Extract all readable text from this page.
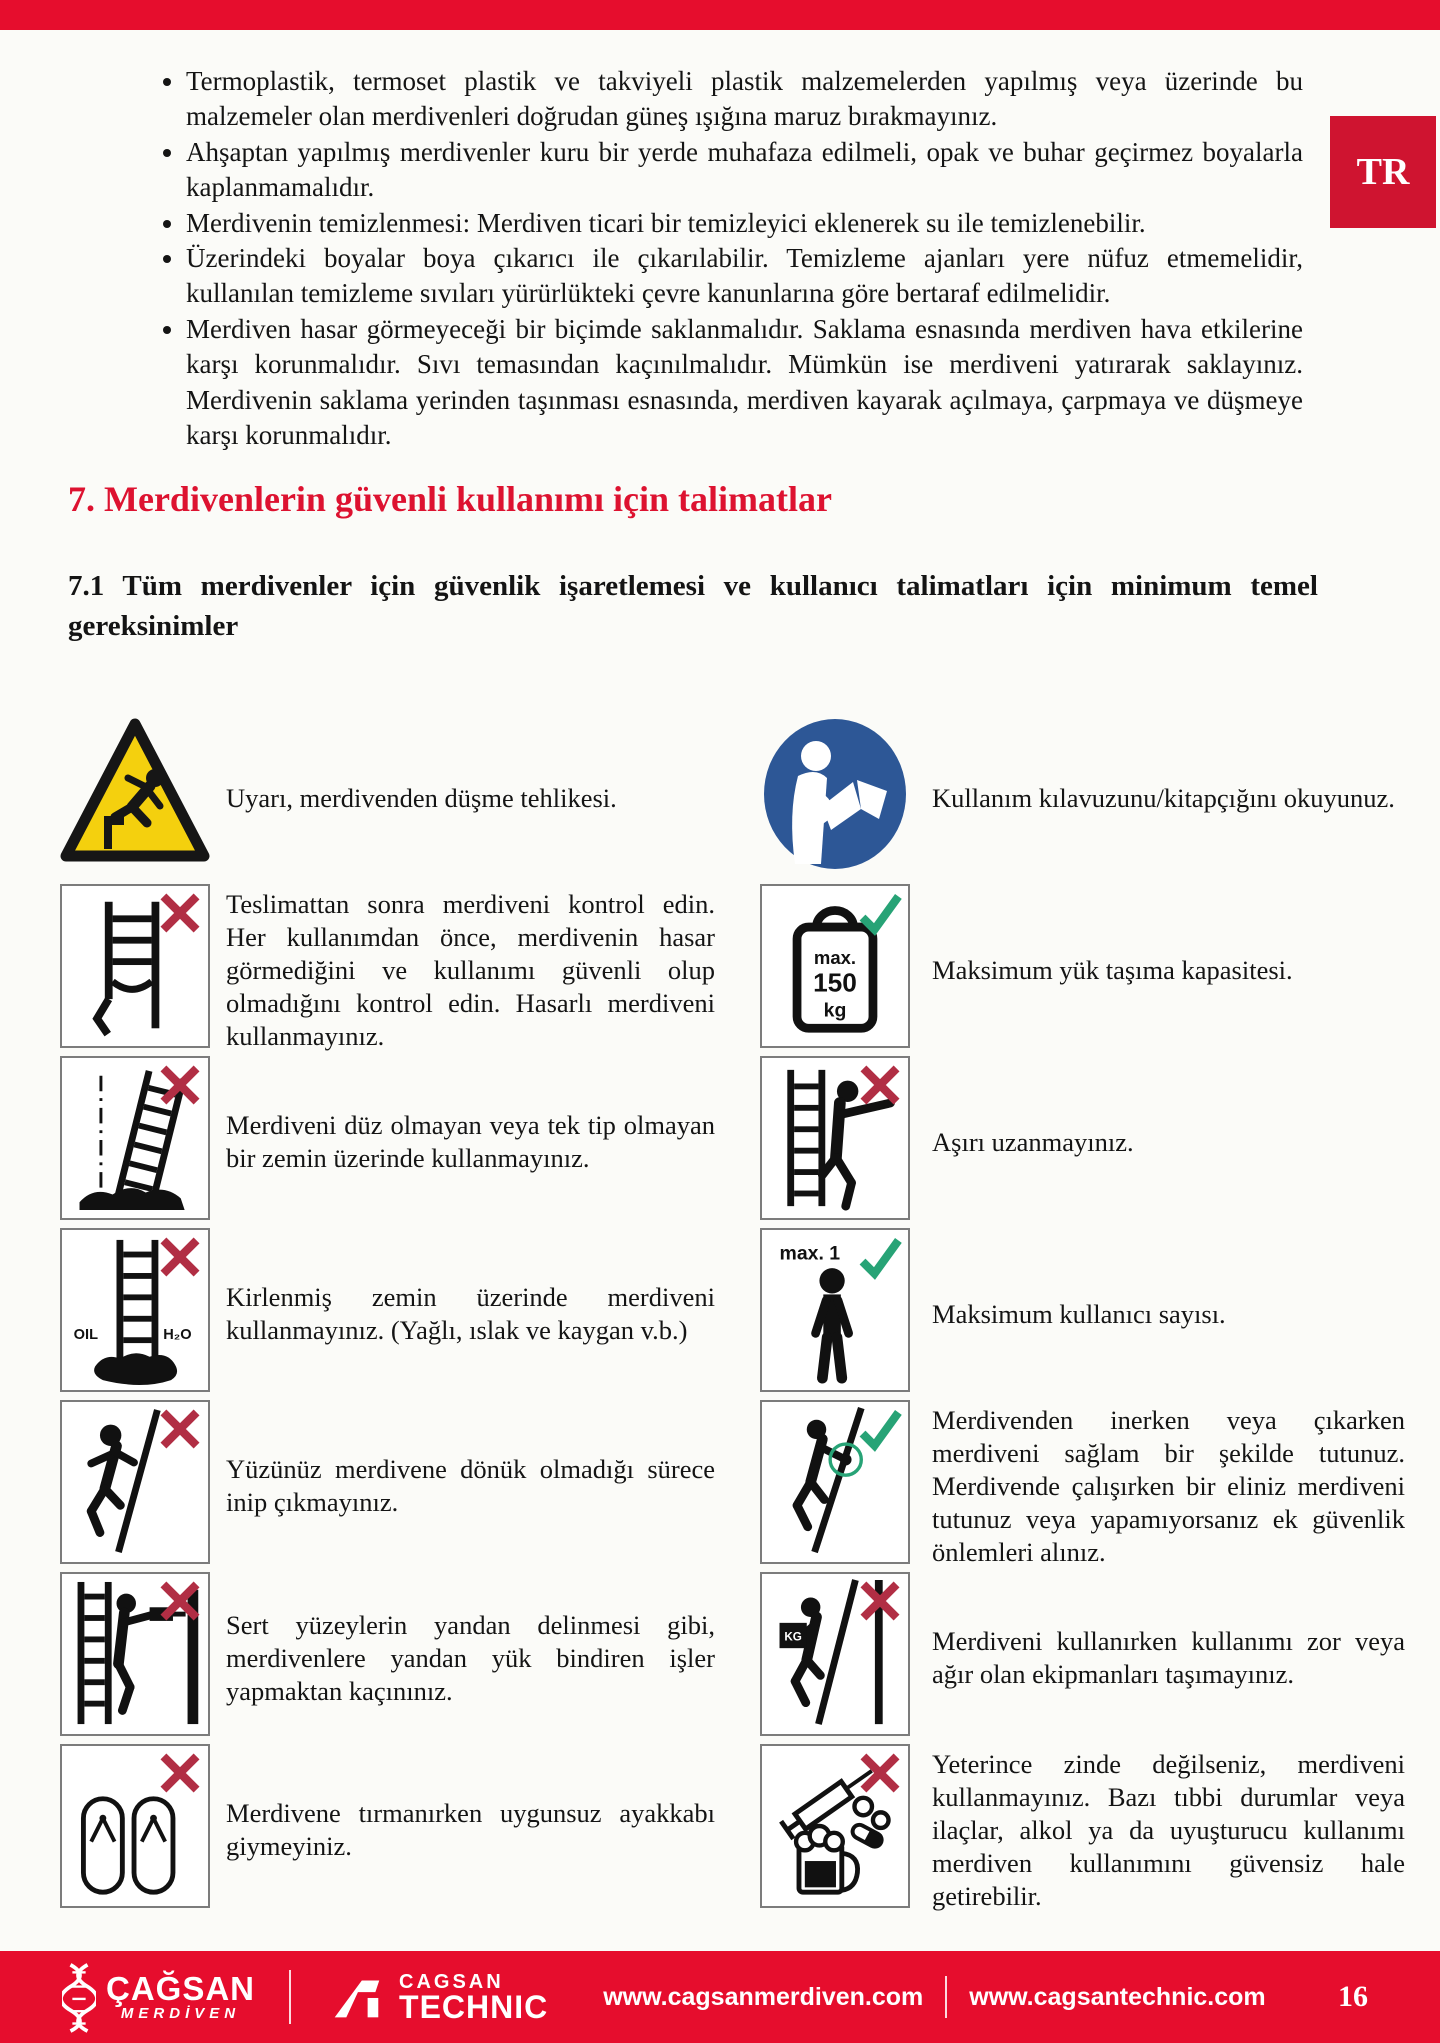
TR
• Termoplastik, termoset plastik ve takviyeli plastik malzemelerden yapılmış veya üzerinde bu malzemeler olan merdivenleri doğrudan güneş ışığına maruz bırakmayınız.
• Ahşaptan yapılmış merdivenler kuru bir yerde muhafaza edilmeli, opak ve buhar geçirmez boyalarla kaplanmamalıdır.
• Merdivenin temizlenmesi: Merdiven ticari bir temizleyici eklenerek su ile temizlenebilir.
• Üzerindeki boyalar boya çıkarıcı ile çıkarılabilir. Temizleme ajanları yere nüfuz etmemelidir, kullanılan temizleme sıvıları yürürlükteki çevre kanunlarına göre bertaraf edilmelidir.
• Merdiven hasar görmeyeceği bir biçimde saklanmalıdır. Saklama esnasında merdiven hava etkilerine karşı korunmalıdır. Sıvı temasından kaçınılmalıdır. Mümkün ise merdiveni yatırarak saklayınız. Merdivenin saklama yerinden taşınması esnasında, merdiven kayarak açılmaya, çarpmaya ve düşmeye karşı korunmalıdır.
7. Merdivenlerin güvenli kullanımı için talimatlar
7.1 Tüm merdivenler için güvenlik işaretlemesi ve kullanıcı talimatları için minimum temel gereksinimler

Uyarı, merdivenden düşme tehlikesi.	Kullanım kılavuzunu/kitapçığını okuyunuz.

Teslimattan sonra merdiveni kontrol edin. Her kullanımdan önce, merdivenin hasar görmediğini ve kullanımı güvenli olup olmadığını kontrol edin. Hasarlı merdiveni kullanmayınız.

max.
150
kg

Maksimum yük taşıma kapasitesi.

Merdiveni düz olmayan veya tek tip olmayan bir zemin üzerinde kullanmayınız.

Aşırı uzanmayınız.

OIL	H₂O

Kirlenmiş zemin üzerinde merdiveni kullanmayınız. (Yağlı, ıslak ve kaygan v.b.)

max. 1

Maksimum kullanıcı sayısı.

Yüzünüz merdivene dönük olmadığı sürece inip çıkmayınız.

Merdivenden inerken veya çıkarken merdiveni sağlam bir şekilde tutunuz. Merdivende çalışırken bir eliniz merdiveni tutunuz veya yapamıyorsanız ek güvenlik önlemleri alınız.

Sert yüzeylerin yandan delinmesi gibi, merdivenlere yandan yük bindiren işler yapmaktan kaçınınız.

KG	Merdiveni kullanırken kullanımı zor veya ağır olan ekipmanları taşımayınız.

Merdivene tırmanırken uygunsuz ayakkabı giymeyiniz.

Yeterince zinde değilseniz, merdiveni kullanmayınız. Bazı tıbbi durumlar veya ilaçlar, alkol ya da uyuşturucu kullanımı merdiven kullanımını güvensiz hale getirebilir.

ÇAĞSAN
MERDİVEN
CAGSAN
TECHNIC www.cagsanmerdiven.com www.cagsantechnic.com 16
